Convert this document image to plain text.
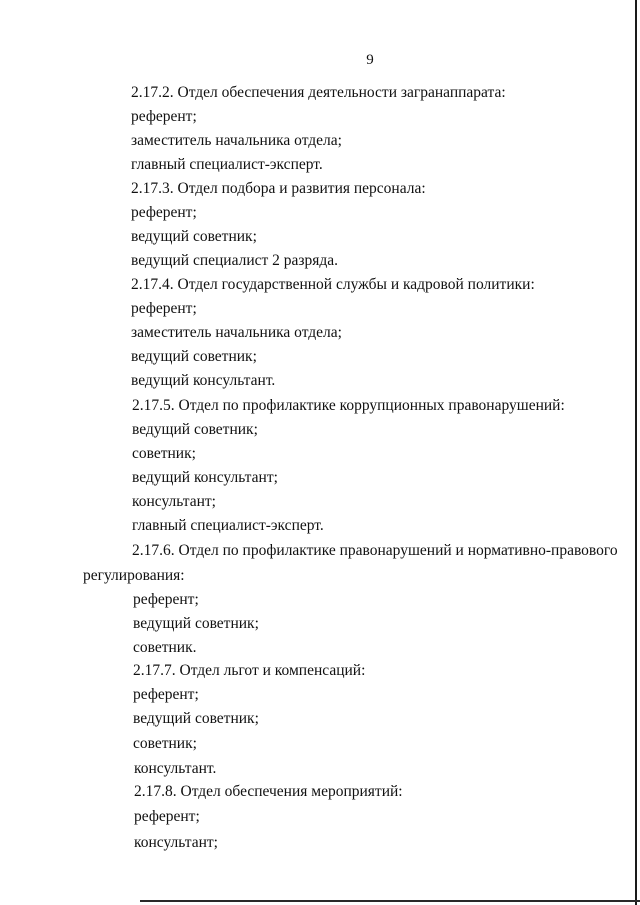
9
2.17.2. Отдел обеспечения деятельности загранаппарата:
референт;
заместитель начальника отдела;
главный специалист-эксперт.
2.17.3. Отдел подбора и развития персонала:
референт;
ведущий советник;
ведущий специалист 2 разряда.
2.17.4. Отдел государственной службы и кадровой политики:
референт;
заместитель начальника отдела;
ведущий советник;
ведущий консультант.
2.17.5. Отдел по профилактике коррупционных правонарушений:
ведущий советник;
советник;
ведущий консультант;
консультант;
главный специалист-эксперт.
2.17.6. Отдел по профилактике правонарушений и нормативно-правового
регулирования:
референт;
ведущий советник;
советник.
2.17.7. Отдел льгот и компенсаций:
референт;
ведущий советник;
советник;
консультант.
2.17.8. Отдел обеспечения мероприятий:
референт;
консультант;
